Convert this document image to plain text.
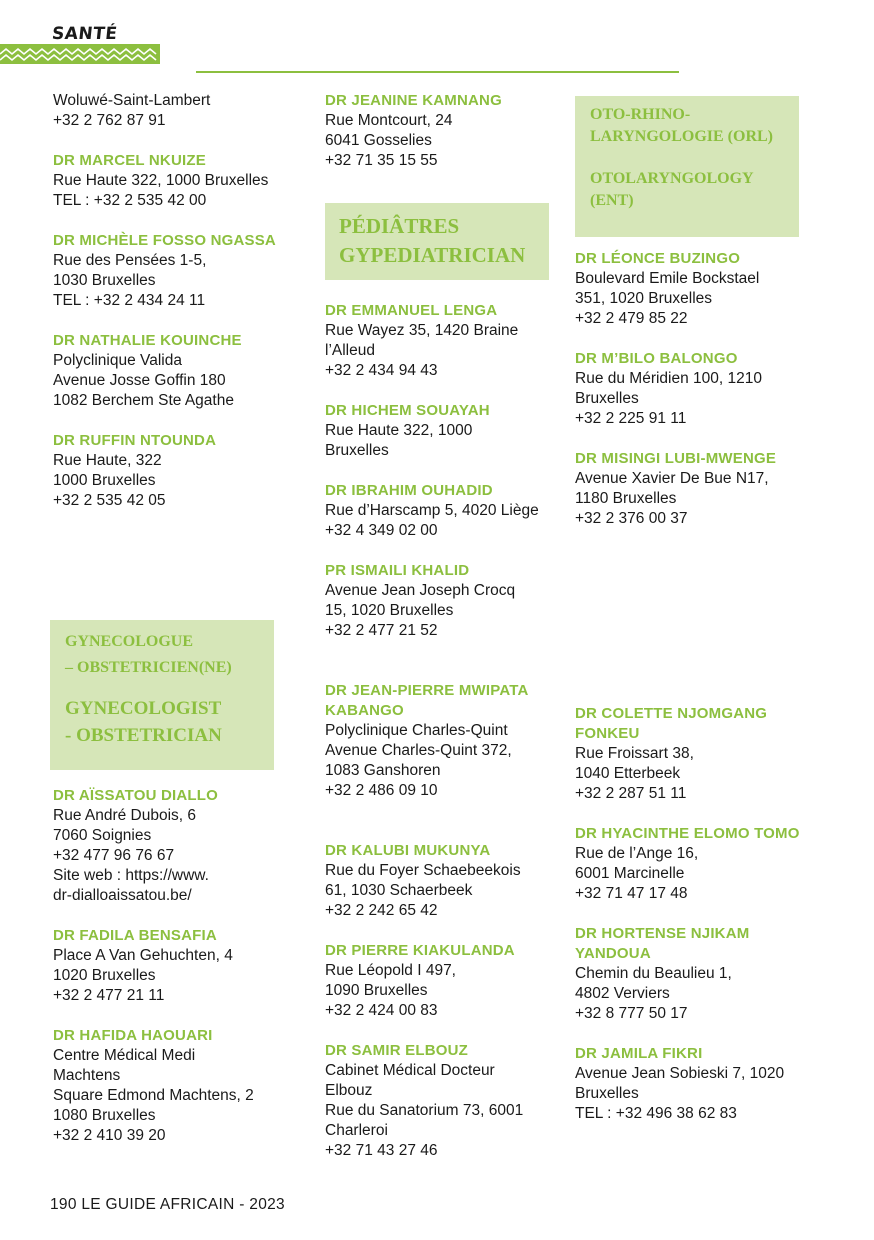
SANTÉ
Woluwé-Saint-Lambert
+32 2 762 87 91
DR MARCEL NKUIZE
Rue Haute 322, 1000 Bruxelles
TEL : +32 2 535 42 00
DR MICHÈLE FOSSO NGASSA
Rue des Pensées 1-5,
1030 Bruxelles
TEL : +32 2 434 24 11
DR NATHALIE KOUINCHE
Polyclinique Valida
Avenue Josse Goffin 180
1082 Berchem Ste Agathe
DR RUFFIN NTOUNDA
Rue Haute, 322
1000 Bruxelles
+32 2 535 42 05
DR AÏSSATOU DIALLO
Rue André Dubois, 6
7060 Soignies
+32 477 96 76 67
Site web : https://www.
dr-dialloaissatou.be/
DR FADILA BENSAFIA
Place A Van Gehuchten, 4
1020 Bruxelles
+32 2 477 21 11
DR HAFIDA HAOUARI
Centre Médical Medi
Machtens
Square Edmond Machtens, 2
1080 Bruxelles
+32 2 410 39 20
DR JEANINE KAMNANG
Rue Montcourt, 24
6041 Gosselies
+32 71 35 15 55
DR EMMANUEL LENGA
Rue Wayez 35, 1420 Braine
l’Alleud
+32 2 434 94 43
DR HICHEM SOUAYAH
Rue Haute 322, 1000
Bruxelles
DR IBRAHIM OUHADID
Rue d’Harscamp 5, 4020 Liège
+32 4 349 02 00
PR ISMAILI KHALID
Avenue Jean Joseph Crocq
15, 1020 Bruxelles
+32 2 477 21 52
DR JEAN-PIERRE MWIPATA KABANGO
Polyclinique Charles-Quint
Avenue Charles-Quint 372,
1083 Ganshoren
+32 2 486 09 10
DR KALUBI MUKUNYA
Rue du Foyer Schaebeekois
61, 1030 Schaerbeek
+32 2 242 65 42
DR PIERRE KIAKULANDA
Rue Léopold I 497,
1090 Bruxelles
+32 2 424 00 83
DR SAMIR ELBOUZ
Cabinet Médical Docteur
Elbouz
Rue du Sanatorium 73, 6001
Charleroi
+32 71 43 27 46
DR LÉONCE BUZINGO
Boulevard Emile Bockstael
351, 1020 Bruxelles
+32 2 479 85 22
DR M’BILO BALONGO
Rue du Méridien 100, 1210
Bruxelles
+32 2 225 91 11
DR MISINGI LUBI-MWENGE
Avenue Xavier De Bue N17,
1180 Bruxelles
+32 2 376 00 37
DR COLETTE NJOMGANG FONKEU
Rue Froissart 38,
1040 Etterbeek
+32 2 287 51 11
DR HYACINTHE ELOMO TOMO
Rue de l’Ange 16,
6001 Marcinelle
+32 71 47 17 48
DR HORTENSE NJIKAM YANDOUA
Chemin du Beaulieu 1,
4802 Verviers
+32 8 777 50 17
DR JAMILA FIKRI
Avenue Jean Sobieski 7, 1020
Bruxelles
TEL : +32 496 38 62 83
PÉDIÂTRES
GYPEDIATRICIAN
OTO-RHINO-
LARYNGOLOGIE (ORL)
OTOLARYNGOLOGY
(ENT)
GYNECOLOGUE
– OBSTETRICIEN(NE)
GYNECOLOGIST
- OBSTETRICIAN
190 LE GUIDE AFRICAIN - 2023
